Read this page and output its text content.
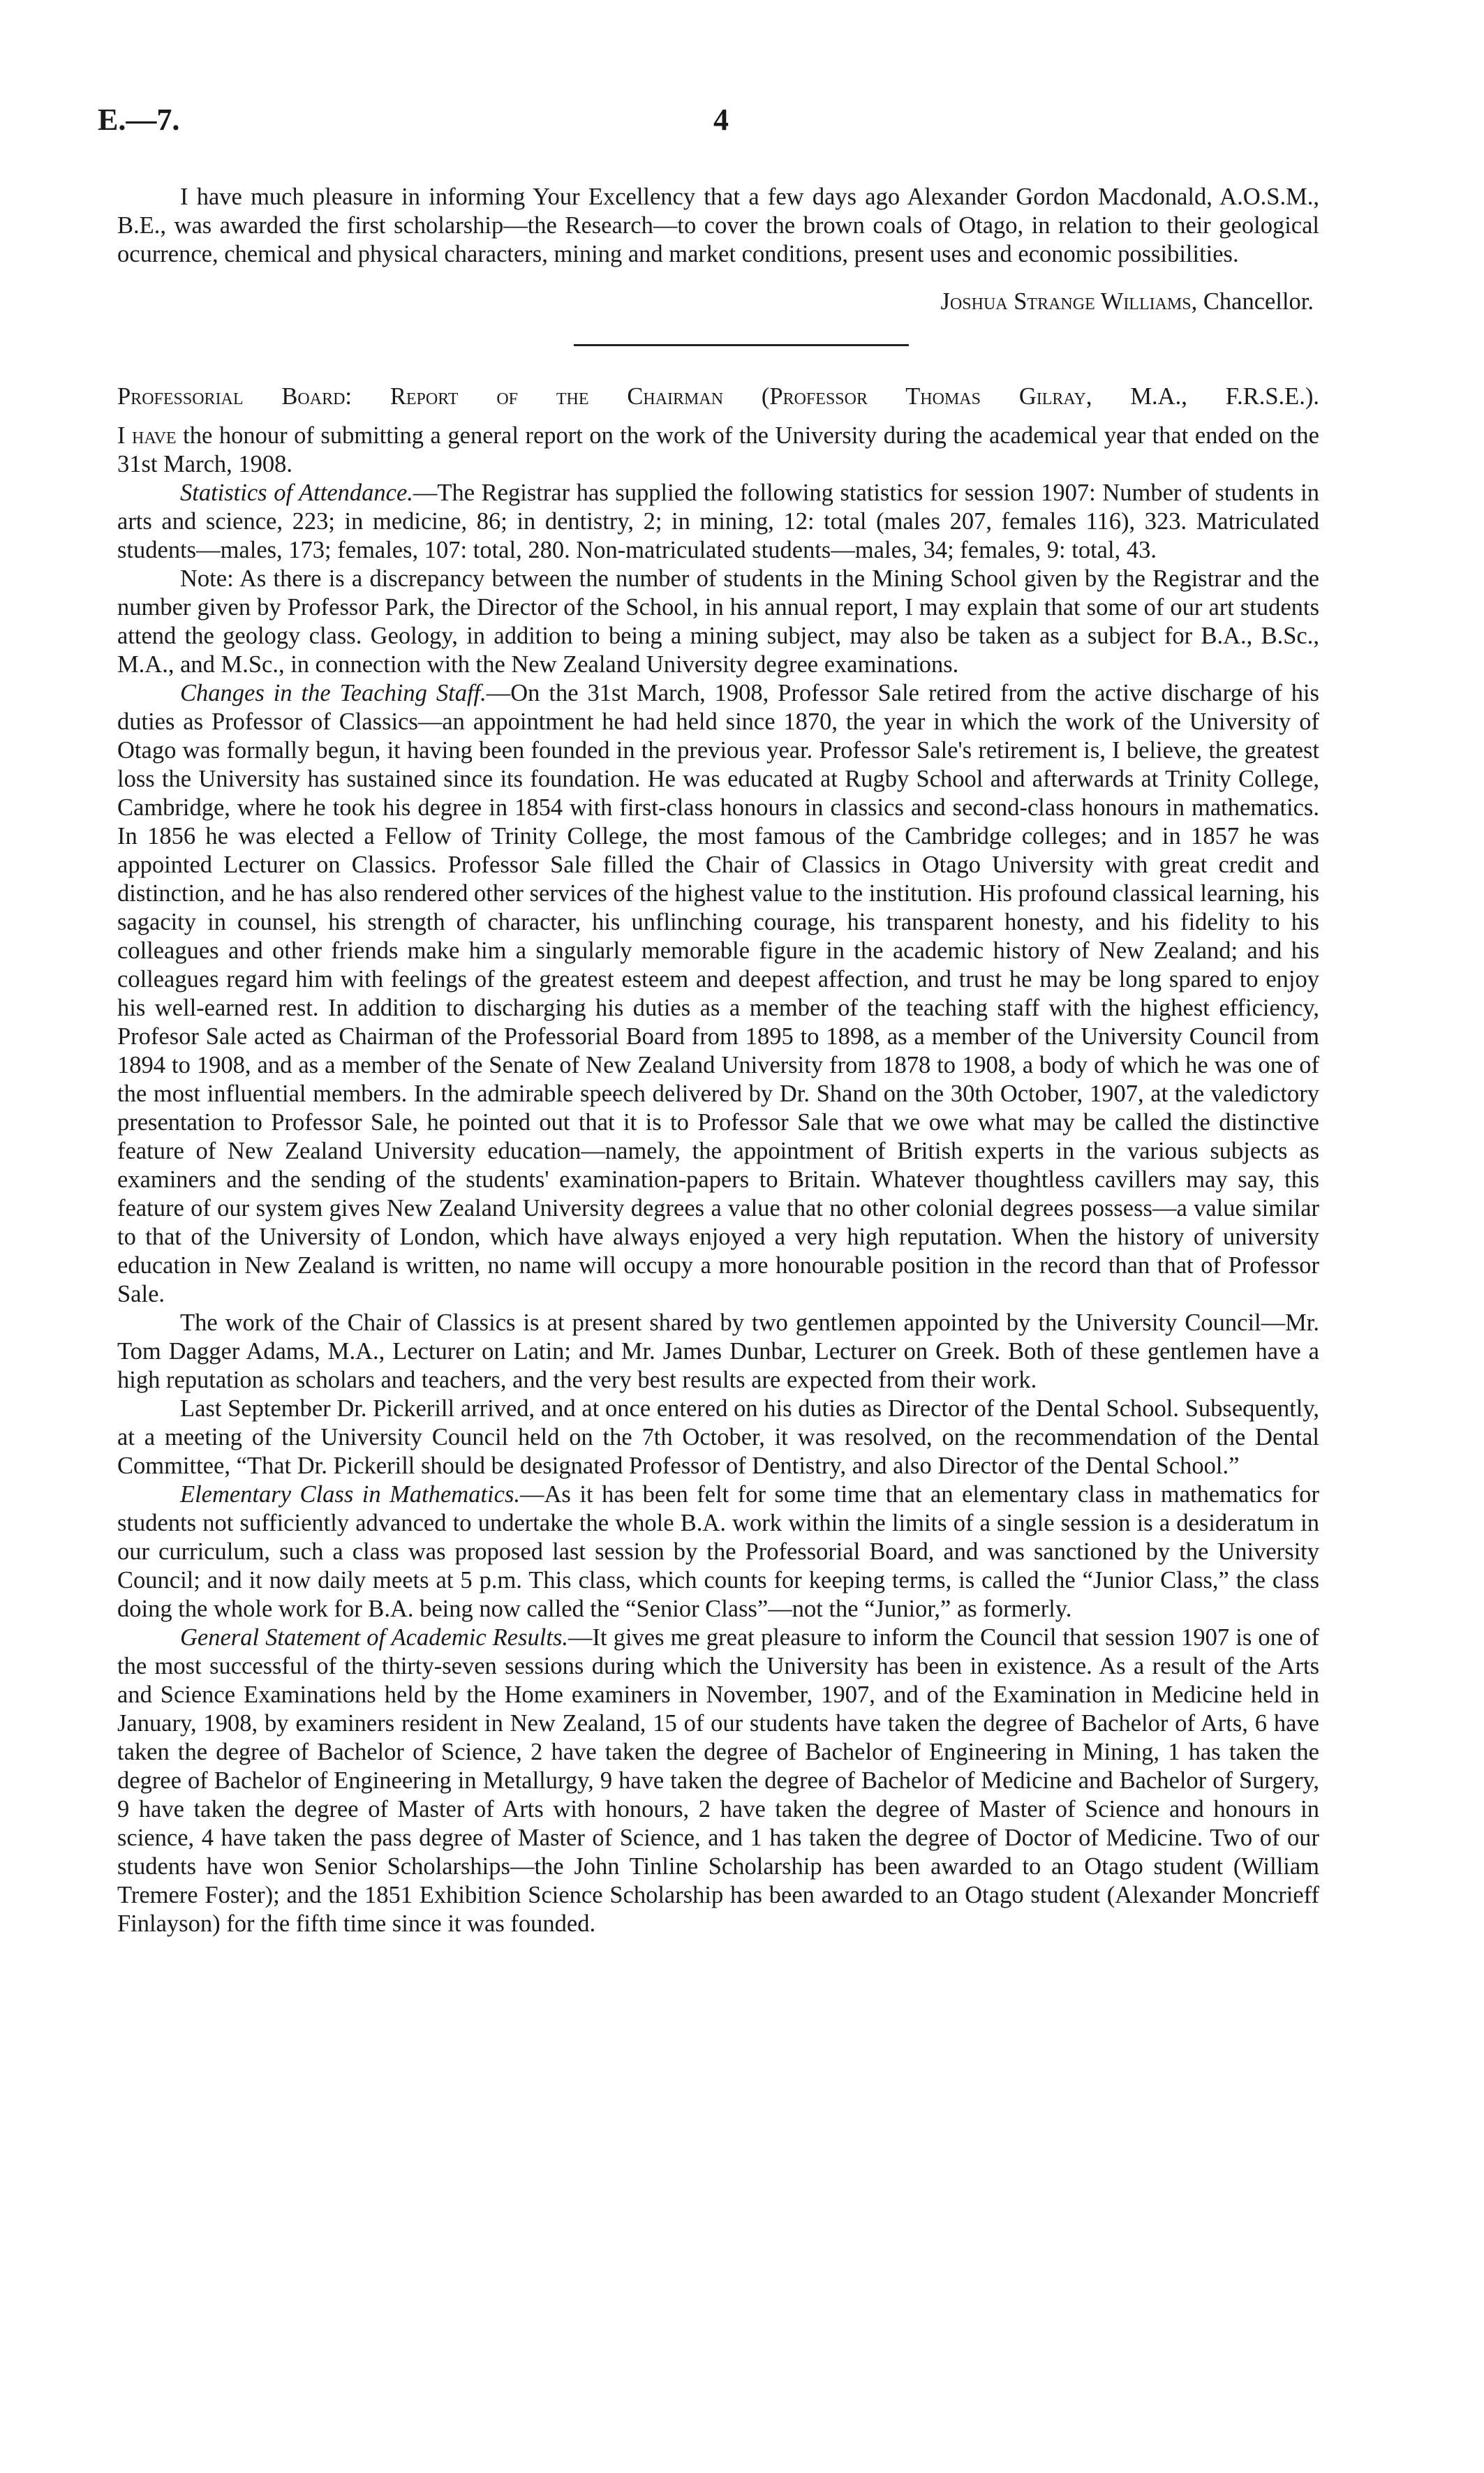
E.—7.	4

I have much pleasure in informing Your Excellency that a few days ago Alexander Gordon Macdonald, A.O.S.M., B.E., was awarded the first scholarship—the Research—to cover the brown coals of Otago, in relation to their geological ocurrence, chemical and physical characters, mining and market conditions, present uses and economic possibilities.

Joshua Strange Williams, Chancellor.
Professorial Board: Report of the Chairman (Professor Thomas Gilray, M.A., F.R.S.E.).

I have the honour of submitting a general report on the work of the University during the academical year that ended on the 31st March, 1908.

Statistics of Attendance.—The Registrar has supplied the following statistics for session 1907: Number of students in arts and science, 223; in medicine, 86; in dentistry, 2; in mining, 12: total (males 207, females 116), 323. Matriculated students—males, 173; females, 107: total, 280. Non-matriculated students—males, 34; females, 9: total, 43.

Note: As there is a discrepancy between the number of students in the Mining School given by the Registrar and the number given by Professor Park, the Director of the School, in his annual report, I may explain that some of our art students attend the geology class. Geology, in addition to being a mining subject, may also be taken as a subject for B.A., B.Sc., M.A., and M.Sc., in connection with the New Zealand University degree examinations.

Changes in the Teaching Staff.—On the 31st March, 1908, Professor Sale retired from the active discharge of his duties as Professor of Classics—an appointment he had held since 1870, the year in which the work of the University of Otago was formally begun, it having been founded in the previous year. Professor Sale's retirement is, I believe, the greatest loss the University has sustained since its foundation. He was educated at Rugby School and afterwards at Trinity College, Cambridge, where he took his degree in 1854 with first-class honours in classics and second-class honours in mathematics. In 1856 he was elected a Fellow of Trinity College, the most famous of the Cambridge colleges; and in 1857 he was appointed Lecturer on Classics. Professor Sale filled the Chair of Classics in Otago University with great credit and distinction, and he has also rendered other services of the highest value to the institution. His profound classical learning, his sagacity in counsel, his strength of character, his unflinching courage, his transparent honesty, and his fidelity to his colleagues and other friends make him a singularly memorable figure in the academic history of New Zealand; and his colleagues regard him with feelings of the greatest esteem and deepest affection, and trust he may be long spared to enjoy his well-earned rest. In addition to discharging his duties as a member of the teaching staff with the highest efficiency, Profesor Sale acted as Chairman of the Professorial Board from 1895 to 1898, as a member of the University Council from 1894 to 1908, and as a member of the Senate of New Zealand University from 1878 to 1908, a body of which he was one of the most influential members. In the admirable speech delivered by Dr. Shand on the 30th October, 1907, at the valedictory presentation to Professor Sale, he pointed out that it is to Professor Sale that we owe what may be called the distinctive feature of New Zealand University education—namely, the appointment of British experts in the various subjects as examiners and the sending of the students' examination-papers to Britain. Whatever thoughtless cavillers may say, this feature of our system gives New Zealand University degrees a value that no other colonial degrees possess—a value similar to that of the University of London, which have always enjoyed a very high reputation. When the history of university education in New Zealand is written, no name will occupy a more honourable position in the record than that of Professor Sale.

The work of the Chair of Classics is at present shared by two gentlemen appointed by the University Council—Mr. Tom Dagger Adams, M.A., Lecturer on Latin; and Mr. James Dunbar, Lecturer on Greek. Both of these gentlemen have a high reputation as scholars and teachers, and the very best results are expected from their work.

Last September Dr. Pickerill arrived, and at once entered on his duties as Director of the Dental School. Subsequently, at a meeting of the University Council held on the 7th October, it was resolved, on the recommendation of the Dental Committee, “That Dr. Pickerill should be designated Professor of Dentistry, and also Director of the Dental School.”

Elementary Class in Mathematics.—As it has been felt for some time that an elementary class in mathematics for students not sufficiently advanced to undertake the whole B.A. work within the limits of a single session is a desideratum in our curriculum, such a class was proposed last session by the Professorial Board, and was sanctioned by the University Council; and it now daily meets at 5 p.m. This class, which counts for keeping terms, is called the “Junior Class,” the class doing the whole work for B.A. being now called the “Senior Class”—not the “Junior,” as formerly.

General Statement of Academic Results.—It gives me great pleasure to inform the Council that session 1907 is one of the most successful of the thirty-seven sessions during which the University has been in existence. As a result of the Arts and Science Examinations held by the Home examiners in November, 1907, and of the Examination in Medicine held in January, 1908, by examiners resident in New Zealand, 15 of our students have taken the degree of Bachelor of Arts, 6 have taken the degree of Bachelor of Science, 2 have taken the degree of Bachelor of Engineering in Mining, 1 has taken the degree of Bachelor of Engineering in Metallurgy, 9 have taken the degree of Bachelor of Medicine and Bachelor of Surgery, 9 have taken the degree of Master of Arts with honours, 2 have taken the degree of Master of Science and honours in science, 4 have taken the pass degree of Master of Science, and 1 has taken the degree of Doctor of Medicine. Two of our students have won Senior Scholarships—the John Tinline Scholarship has been awarded to an Otago student (William Tremere Foster); and the 1851 Exhibition Science Scholarship has been awarded to an Otago student (Alexander Moncrieff Finlayson) for the fifth time since it was founded.
